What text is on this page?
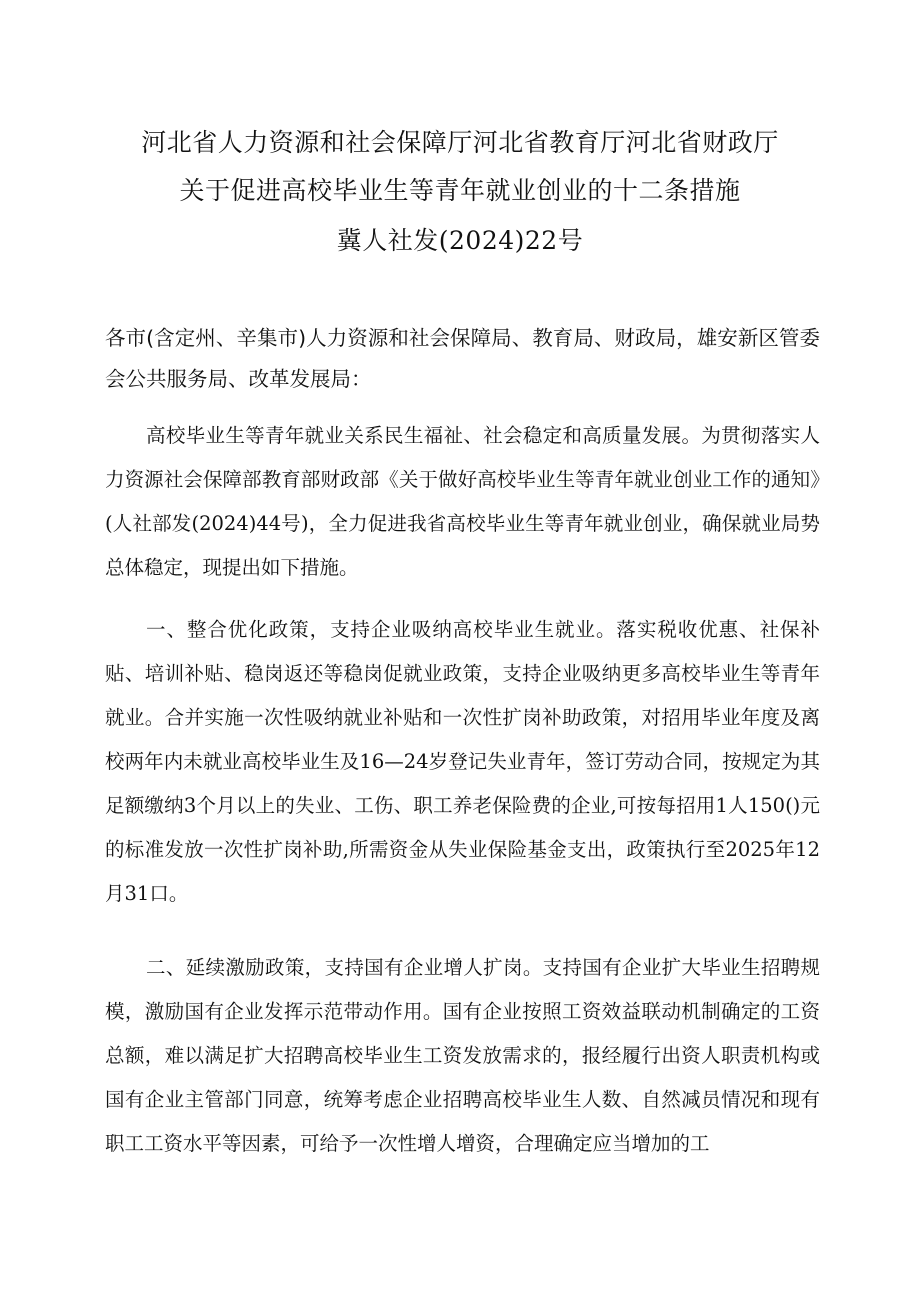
河北省人力资源和社会保障厅河北省教育厅河北省财政厅
关于促进高校毕业生等青年就业创业的十二条措施
冀人社发(2024)22号
各市(含定州、辛集市)人力资源和社会保障局、教育局、财政局，雄安新区管委会公共服务局、改革发展局：
高校毕业生等青年就业关系民生福祉、社会稳定和高质量发展。为贯彻落实人力资源社会保障部教育部财政部《关于做好高校毕业生等青年就业创业工作的通知》(人社部发(2024)44号)，全力促进我省高校毕业生等青年就业创业，确保就业局势总体稳定，现提出如下措施。
一、整合优化政策，支持企业吸纳高校毕业生就业。落实税收优惠、社保补贴、培训补贴、稳岗返还等稳岗促就业政策，支持企业吸纳更多高校毕业生等青年就业。合并实施一次性吸纳就业补贴和一次性扩岗补助政策，对招用毕业年度及离校两年内未就业高校毕业生及16—24岁登记失业青年，签订劳动合同，按规定为其足额缴纳3个月以上的失业、工伤、职工养老保险费的企业,可按每招用1人150()元的标准发放一次性扩岗补助,所需资金从失业保险基金支出，政策执行至2025年12月31口。
二、延续激励政策，支持国有企业增人扩岗。支持国有企业扩大毕业生招聘规模，激励国有企业发挥示范带动作用。国有企业按照工资效益联动机制确定的工资总额，难以满足扩大招聘高校毕业生工资发放需求的，报经履行出资人职责机构或国有企业主管部门同意，统筹考虑企业招聘高校毕业生人数、自然减员情况和现有职工工资水平等因素，可给予一次性增人增资，合理确定应当增加的工
